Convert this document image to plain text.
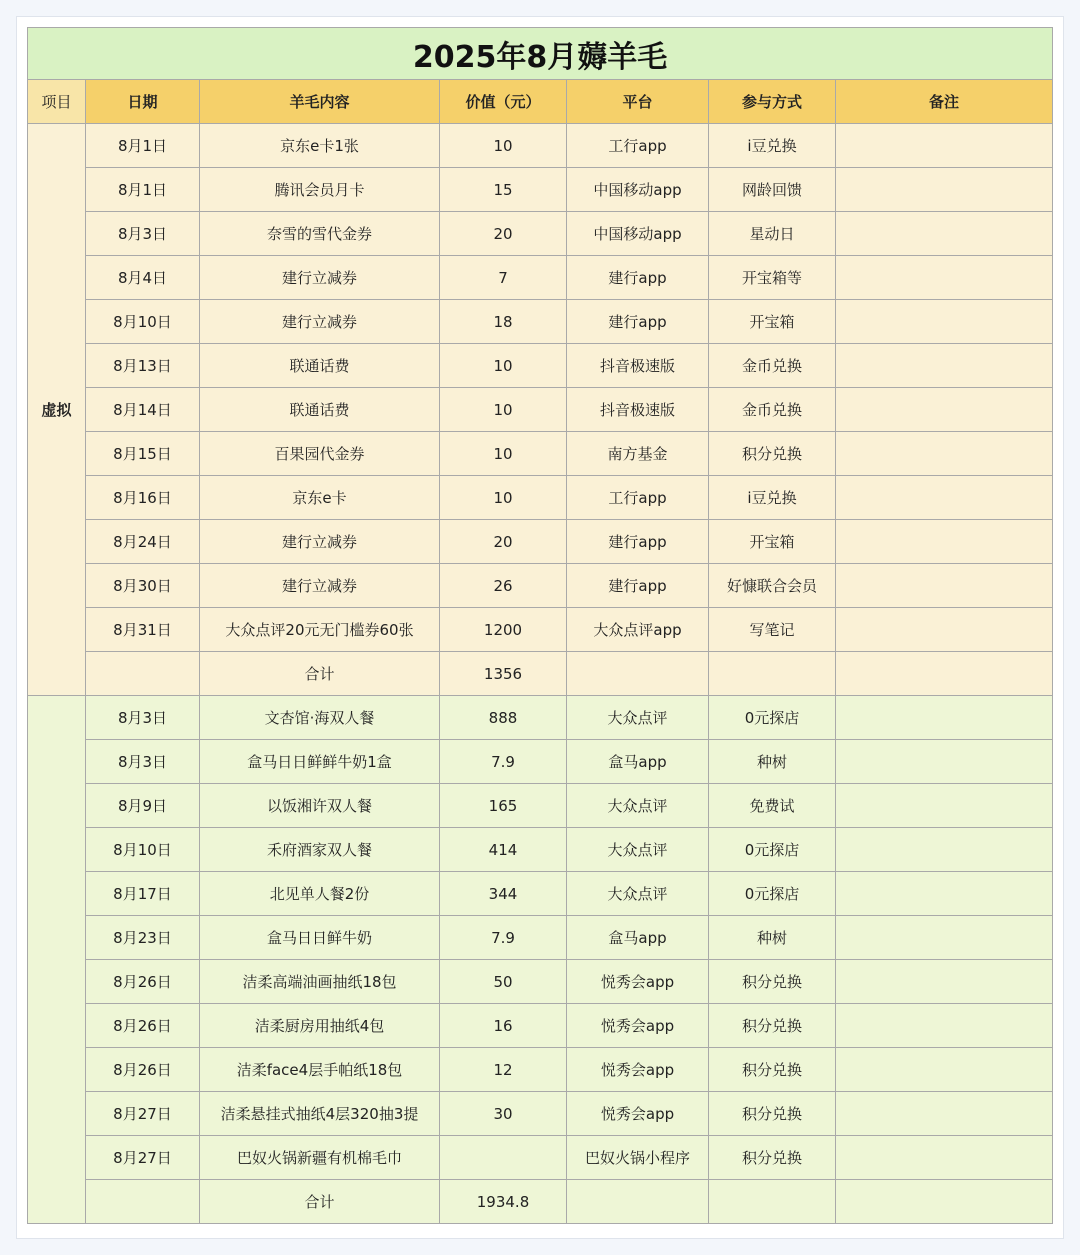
2025年8月薅羊毛						
项目	日期	羊毛内容	价值（元）	平台	参与方式	备注
虚拟	8月1日	京东e卡1张	10	工行app	i豆兑换	
	8月1日	腾讯会员月卡	15	中国移动app	网龄回馈	
	8月3日	奈雪的雪代金券	20	中国移动app	星动日	
	8月4日	建行立减券	7	建行app	开宝箱等	
	8月10日	建行立减券	18	建行app	开宝箱	
	8月13日	联通话费	10	抖音极速版	金币兑换	
	8月14日	联通话费	10	抖音极速版	金币兑换	
	8月15日	百果园代金券	10	南方基金	积分兑换	
	8月16日	京东e卡	10	工行app	i豆兑换	
	8月24日	建行立减券	20	建行app	开宝箱	
	8月30日	建行立减券	26	建行app	好慷联合会员	
	8月31日	大众点评20元无门槛券60张	1200	大众点评app	写笔记	
		合计	1356			
	8月3日	文杏馆·海双人餐	888	大众点评	0元探店	
	8月3日	盒马日日鲜鲜牛奶1盒	7.9	盒马app	种树	
	8月9日	以饭湘许双人餐	165	大众点评	免费试	
	8月10日	禾府酒家双人餐	414	大众点评	0元探店	
	8月17日	北见单人餐2份	344	大众点评	0元探店	
	8月23日	盒马日日鲜牛奶	7.9	盒马app	种树	
	8月26日	洁柔高端油画抽纸18包	50	悦秀会app	积分兑换	
	8月26日	洁柔厨房用抽纸4包	16	悦秀会app	积分兑换	
	8月26日	洁柔face4层手帕纸18包	12	悦秀会app	积分兑换	
	8月27日	洁柔悬挂式抽纸4层320抽3提	30	悦秀会app	积分兑换	
	8月27日	巴奴火锅新疆有机棉毛巾		巴奴火锅小程序	积分兑换	
		合计	1934.8			
